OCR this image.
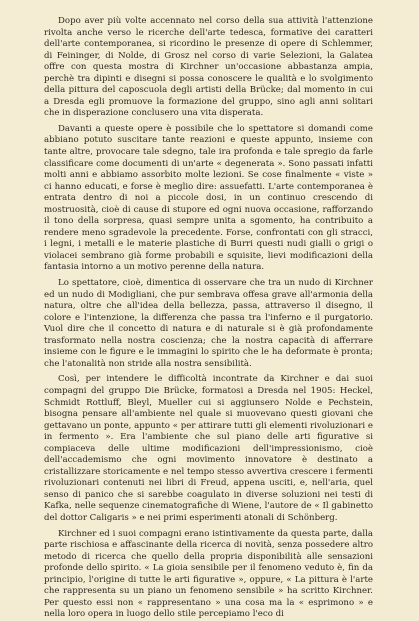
Dopo aver più volte accennato nel corso della sua attività l'attenzione rivolta anche verso le ricerche dell'arte tedesca, formative dei caratteri dell'arte contemporanea, si ricordino le presenze di opere di Schlemmer, di Feininger, di Nolde, di Grosz nel corso di varie Selezioni, la Galatea offre con questa mostra di Kirchner un'occasione abbastanza ampia, perchè tra dipinti e disegni si possa conoscere le qualità e lo svolgimento della pittura del caposcuola degli artisti della Brücke; dal momento in cui a Dresda egli promuove la formazione del gruppo, sino agli anni solitari che in disperazione conclusero una vita disperata.

Davanti a queste opere è possibile che lo spettatore si domandi come abbiano potuto suscitare tante reazioni e queste appunto, insieme con tante altre, provocare tale sdegno, tale ira profonda e tale spregio da farle classificare come documenti di un'arte « degenerata ». Sono passati infatti molti anni e abbiamo assorbito molte lezioni. Se cose finalmente « viste » ci hanno educati, e forse è meglio dire: assuefatti. L'arte contemporanea è entrata dentro di noi a piccole dosi, in un continuo crescendo di mostruosità, cioè di cause di stupore ed ogni nuova occasione, rafforzando il tono della sorpresa, quasi sempre unita a sgomento, ha contribuito a rendere meno sgradevole la precedente. Forse, confrontati con gli stracci, i legni, i metalli e le materie plastiche di Burri questi nudi gialli o grigi o violacei sembrano già forme probabili e squisite, lievi modificazioni della fantasia intorno a un motivo perenne della natura.

Lo spettatore, cioè, dimentica di osservare che tra un nudo di Kirchner ed un nudo di Modigliani, che pur sembrava offesa grave all'armonia della natura, oltre che all'idea della bellezza, passa, attraverso il disegno, il colore e l'intenzione, la differenza che passa tra l'inferno e il purgatorio. Vuol dire che il concetto di natura e di naturale si è già profondamente trasformato nella nostra coscienza; che la nostra capacità di afferrare insieme con le figure e le immagini lo spirito che le ha deformate è pronta; che l'atonalità non stride alla nostra sensibilità.

Così, per intendere le difficoltà incontrate da Kirchner e dai suoi compagni del gruppo Die Brücke, formatosi a Dresda nel 1905: Heckel, Schmidt Rottluff, Bleyl, Mueller cui si aggiunsero Nolde e Pechstein, bisogna pensare all'ambiente nel quale si muovevano questi giovani che gettavano un ponte, appunto « per attirare tutti gli elementi rivoluzionari e in fermento ». Era l'ambiente che sul piano delle arti figurative si compiaceva delle ultime modificazioni dell'impressionismo, cioè dell'accademismo che ogni movimento innovatore è destinato a cristallizzare storicamente e nel tempo stesso avvertiva crescere i fermenti rivoluzionari contenuti nei libri di Freud, appena usciti, e, nell'aria, quel senso di panico che si sarebbe coagulato in diverse soluzioni nei testi di Kafka, nelle sequenze cinematografiche di Wiene, l'autore de « Il gabinetto del dottor Caligaris » e nei primi esperimenti atonali di Schönberg.

Kirchner ed i suoi compagni erano istintivamente da questa parte, dalla parte rischiosa e affascinante della ricerca di novità, senza possedere altro metodo di ricerca che quello della propria disponibilità alle sensazioni profonde dello spirito. « La gioia sensibile per il fenomeno veduto è, fin da principio, l'origine di tutte le arti figurative », oppure, « La pittura è l'arte che rappresenta su un piano un fenomeno sensibile » ha scritto Kirchner. Per questo essi non « rappresentano » una cosa ma la « esprimono » e nella loro opera in luogo dello stile percepiamo l'eco di
